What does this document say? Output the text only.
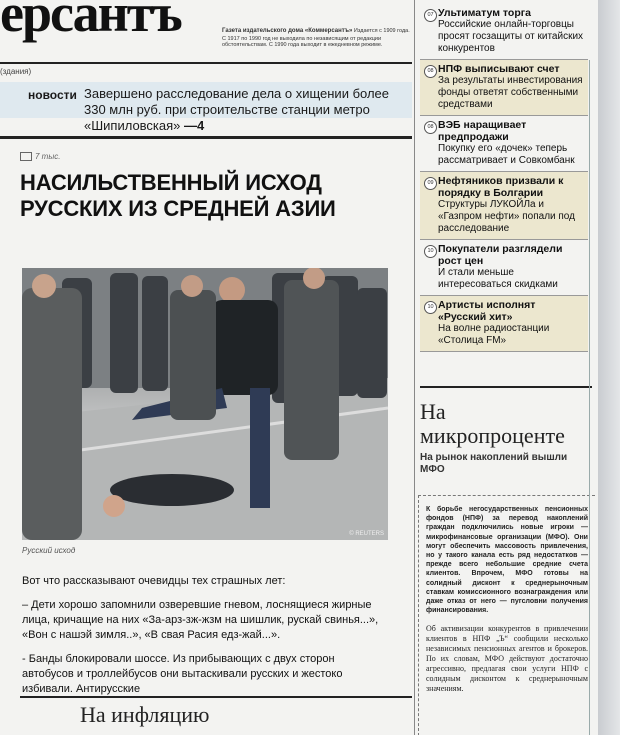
ерсантъ	Газета издательского дома «Коммерсантъ» Издается с 1909 года. С 1917 по 1990 год не выходила по независящим от редакции обстоятельствам. С 1990 года выходит в ежедневном режиме.
(здания)
новости Завершено расследование дела о хищении более 330 млн руб. при строительстве станции метро «Шипиловская» —4
7 тыс.
НАСИЛЬСТВЕННЫЙ ИСХОД РУССКИХ ИЗ СРЕДНЕЙ АЗИИ
© REUTERS
Русский исход

Вот что рассказывают очевидцы тех страшных лет:

– Дети хорошо запомнили озверевшие гневом, лоснящиеся жирные лица, кричащие на них «За-арз-зж-жзм на шишлик, рускай свинья...», «Вон с нашэй зимля..», «В свая Расия едз-жай...».

- Банды блокировали шоссе. Из прибывающих с двух сторон автобусов и троллейбусов они вытаскивали русских и жестоко избивали. Антирусские

На инфляцию
07 Ультиматум торга
Российские онлайн-торговцы просят госзащиты от китайских конкурентов
08 НПФ выписывают счет
За результаты инвестирования фонды ответят собственными средствами
08 ВЭБ наращивает предпродажи
Покупку его «дочек» теперь рассматривает и Совкомбанк
09 Нефтяников призвали к порядку в Болгарии
Структуры ЛУКОЙЛа и «Газпром нефти» попали под расследование
10 Покупатели разглядели рост цен
И стали меньше интересоваться скидками
10 Артисты исполнят «Русский хит»
На волне радиостанции «Столица FM»
На микропроценте
На рынок накоплений вышли МФО
К борьбе негосударственных пенсионных фондов (НПФ) за перевод накоплений граждан подключились новые игроки — микрофинансовые организации (МФО). Они могут обеспечить массовость привлечения, но у такого канала есть ряд недостатков — прежде всего небольшие средние счета клиентов. Впрочем, МФО готовы на солидный дисконт к среднерыночным ставкам комиссионного вознаграждения или даже отказ от него — пугсловни получения финансирования.
Об активизации конкурентов в привлечении клиентов в НПФ „Ъ“ сообщили несколько независимых пенсионных агентов и брокеров. По их словам, МФО действуют достаточно агрессивно, предлагая свои услуги НПФ с солидным дисконтом к среднерыночным значениям.
